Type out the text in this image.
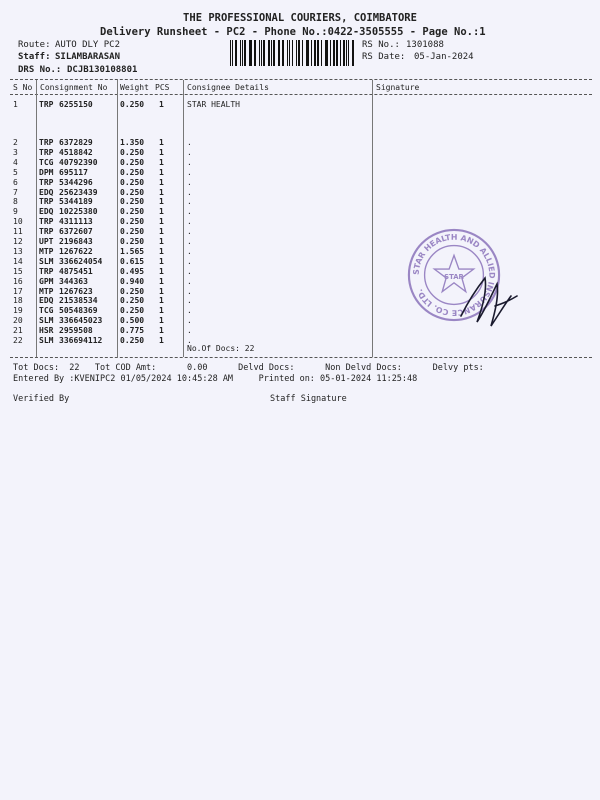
THE PROFESSIONAL COURIERS, COIMBATORE
Delivery Runsheet - PC2 - Phone No.:0422-3505555 - Page No.:1
Route: AUTO DLY PC2
Staff: SILAMBARASAN
DRS No.: DCJB130108801
RS No.: 1301088
RS Date: 05-Jan-2024
S No Consignment No Weight PCS Consignee Details	Signature
1	TRP 6255150	0.250 1	STAR HEALTH
2	TRP 6372829	1.350 1	.
3	TRP 4518842	0.250 1	.
4	TCG 40792390	0.250 1	.
5	DPM 695117	0.250 1	.
6	TRP 5344296	0.250 1	.
7	EDQ 25623439	0.250 1	.
8	TRP 5344189	0.250 1	.
9	EDQ 10225380	0.250 1	.
10 TRP 4311113	0.250 1	.
11 TRP 6372607	0.250 1	.
12 UPT 2196843	0.250 1	.
13 MTP 1267622	1.565 1	.
14 SLM 336624054 0.615 1	.
15 TRP 4875451	0.495 1	.
16 GPM 344363	0.940 1	.
17 MTP 1267623	0.250 1	.
18 EDQ 21538534	0.250 1	.
19 TCG 50548369	0.250 1	.
20 SLM 336645023 0.500 1	.
21 HSR 2959508	0.775 1	.
22 SLM 336694112 0.250 1	.
No.Of Docs: 22
Tot Docs:  22   Tot COD Amt:      0.00      Delvd Docs:      Non Delvd Docs:      Delvy pts:
Entered By :KVENIPC2 01/05/2024 10:45:28 AM     Printed on: 05-01-2024 11:25:48
Verified By	Staff Signature
STAR HEALTH AND ALLIED INSURANCE CO. LTD.
STAR
